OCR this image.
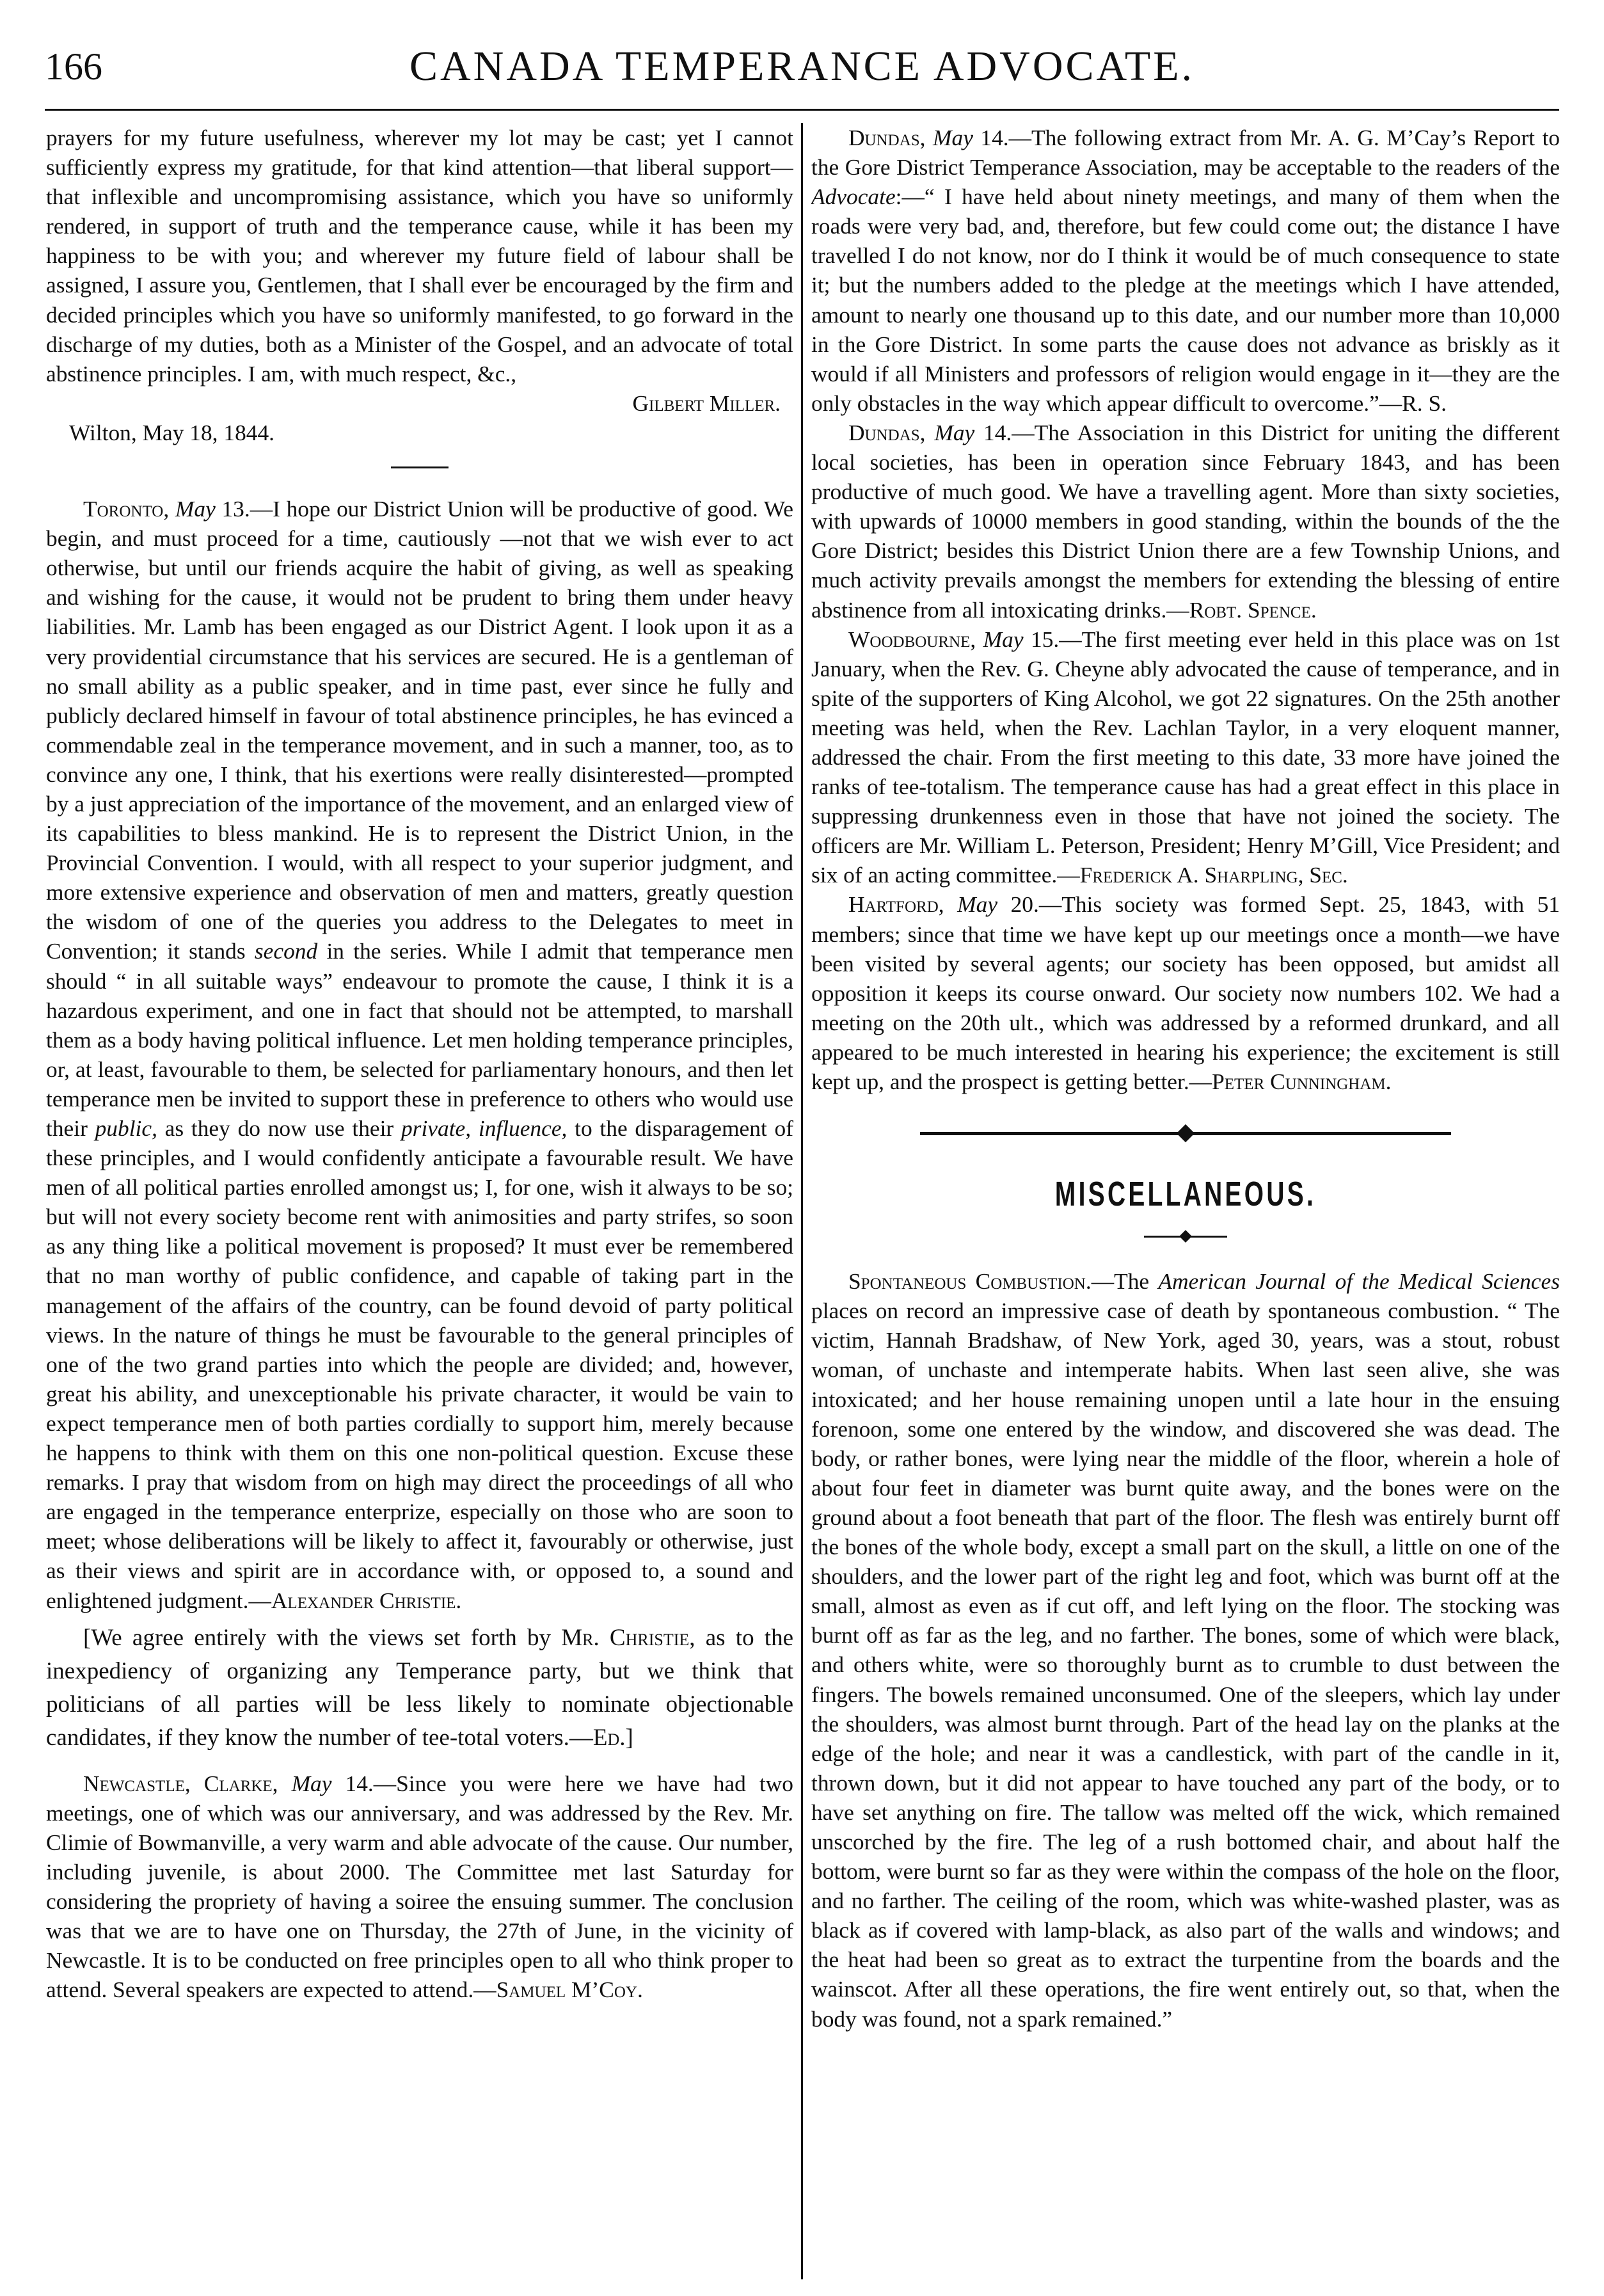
166	CANADA TEMPERANCE ADVOCATE.

prayers for my future usefulness, wherever my lot may be cast; yet I cannot sufficiently express my gratitude, for that kind attention—that liberal support—that inflexible and uncompromising assistance, which you have so uniformly rendered, in support of truth and the temperance cause, while it has been my happiness to be with you; and wherever my future field of labour shall be assigned, I assure you, Gentlemen, that I shall ever be encouraged by the firm and decided principles which you have so uniformly manifested, to go forward in the discharge of my duties, both as a Minister of the Gospel, and an advocate of total abstinence principles. I am, with much respect, &c.,

Gilbert Miller.

Wilton, May 18, 1844.

Toronto, May 13.—I hope our District Union will be productive of good. We begin, and must proceed for a time, cautiously —not that we wish ever to act otherwise, but until our friends acquire the habit of giving, as well as speaking and wishing for the cause, it would not be prudent to bring them under heavy liabilities. Mr. Lamb has been engaged as our District Agent. I look upon it as a very providential circumstance that his services are secured. He is a gentleman of no small ability as a public speaker, and in time past, ever since he fully and publicly declared himself in favour of total abstinence principles, he has evinced a commendable zeal in the temperance movement, and in such a manner, too, as to convince any one, I think, that his exertions were really disinterested—prompted by a just appreciation of the importance of the movement, and an enlarged view of its capabilities to bless mankind. He is to represent the District Union, in the Provincial Convention. I would, with all respect to your superior judgment, and more extensive experience and observation of men and matters, greatly question the wisdom of one of the queries you address to the Delegates to meet in Convention; it stands second in the series. While I admit that temperance men should “ in all suitable ways” endeavour to promote the cause, I think it is a hazardous experiment, and one in fact that should not be attempted, to marshall them as a body having political influence. Let men holding temperance principles, or, at least, favourable to them, be selected for parliamentary honours, and then let temperance men be invited to support these in preference to others who would use their public, as they do now use their private, influence, to the disparagement of these principles, and I would confidently anticipate a favourable result. We have men of all political parties enrolled amongst us; I, for one, wish it always to be so; but will not every society become rent with animosities and party strifes, so soon as any thing like a political movement is proposed? It must ever be remembered that no man worthy of public confidence, and capable of taking part in the management of the affairs of the country, can be found devoid of party political views. In the nature of things he must be favourable to the general principles of one of the two grand parties into which the people are divided; and, however, great his ability, and unexceptionable his private character, it would be vain to expect temperance men of both parties cordially to support him, merely because he happens to think with them on this one non-political question. Excuse these remarks. I pray that wisdom from on high may direct the proceedings of all who are engaged in the temperance enterprize, especially on those who are soon to meet; whose deliberations will be likely to affect it, favourably or otherwise, just as their views and spirit are in accordance with, or opposed to, a sound and enlightened judgment.—Alexander Christie.

[We agree entirely with the views set forth by Mr. Christie, as to the inexpediency of organizing any Temperance party, but we think that politicians of all parties will be less likely to nominate objectionable candidates, if they know the number of tee-total voters.—Ed.]

Newcastle, Clarke, May 14.—Since you were here we have had two meetings, one of which was our anniversary, and was addressed by the Rev. Mr. Climie of Bowmanville, a very warm and able advocate of the cause. Our number, including juvenile, is about 2000. The Committee met last Saturday for considering the propriety of having a soiree the ensuing summer. The conclusion was that we are to have one on Thursday, the 27th of June, in the vicinity of Newcastle. It is to be conducted on free principles open to all who think proper to attend. Several speakers are expected to attend.—Samuel M’Coy.

Dundas, May 14.—The following extract from Mr. A. G. M’Cay’s Report to the Gore District Temperance Association, may be acceptable to the readers of the Advocate:—“ I have held about ninety meetings, and many of them when the roads were very bad, and, therefore, but few could come out; the distance I have travelled I do not know, nor do I think it would be of much consequence to state it; but the numbers added to the pledge at the meetings which I have attended, amount to nearly one thousand up to this date, and our number more than 10,000 in the Gore District. In some parts the cause does not advance as briskly as it would if all Ministers and professors of religion would engage in it—they are the only obstacles in the way which appear difficult to overcome.”—R. S.

Dundas, May 14.—The Association in this District for uniting the different local societies, has been in operation since February 1843, and has been productive of much good. We have a travelling agent. More than sixty societies, with upwards of 10000 members in good standing, within the bounds of the the Gore District; besides this District Union there are a few Township Unions, and much activity prevails amongst the members for extending the blessing of entire abstinence from all intoxicating drinks.—Robt. Spence.

Woodbourne, May 15.—The first meeting ever held in this place was on 1st January, when the Rev. G. Cheyne ably advocated the cause of temperance, and in spite of the supporters of King Alcohol, we got 22 signatures. On the 25th another meeting was held, when the Rev. Lachlan Taylor, in a very eloquent manner, addressed the chair. From the first meeting to this date, 33 more have joined the ranks of tee-totalism. The temperance cause has had a great effect in this place in suppressing drunkenness even in those that have not joined the society. The officers are Mr. William L. Peterson, President; Henry M’Gill, Vice President; and six of an acting committee.—Frederick A. Sharpling, Sec.

Hartford, May 20.—This society was formed Sept. 25, 1843, with 51 members; since that time we have kept up our meetings once a month—we have been visited by several agents; our society has been opposed, but amidst all opposition it keeps its course onward. Our society now numbers 102. We had a meeting on the 20th ult., which was addressed by a reformed drunkard, and all appeared to be much interested in hearing his experience; the excitement is still kept up, and the prospect is getting better.—Peter Cunningham.

MISCELLANEOUS.

Spontaneous Combustion.—The American Journal of the Medical Sciences places on record an impressive case of death by spontaneous combustion. “ The victim, Hannah Bradshaw, of New York, aged 30, years, was a stout, robust woman, of unchaste and intemperate habits. When last seen alive, she was intoxicated; and her house remaining unopen until a late hour in the ensuing forenoon, some one entered by the window, and discovered she was dead. The body, or rather bones, were lying near the middle of the floor, wherein a hole of about four feet in diameter was burnt quite away, and the bones were on the ground about a foot beneath that part of the floor. The flesh was entirely burnt off the bones of the whole body, except a small part on the skull, a little on one of the shoulders, and the lower part of the right leg and foot, which was burnt off at the small, almost as even as if cut off, and left lying on the floor. The stocking was burnt off as far as the leg, and no farther. The bones, some of which were black, and others white, were so thoroughly burnt as to crumble to dust between the fingers. The bowels remained unconsumed. One of the sleepers, which lay under the shoulders, was almost burnt through. Part of the head lay on the planks at the edge of the hole; and near it was a candlestick, with part of the candle in it, thrown down, but it did not appear to have touched any part of the body, or to have set anything on fire. The tallow was melted off the wick, which remained unscorched by the fire. The leg of a rush bottomed chair, and about half the bottom, were burnt so far as they were within the compass of the hole on the floor, and no farther. The ceiling of the room, which was white-washed plaster, was as black as if covered with lamp-black, as also part of the walls and windows; and the heat had been so great as to extract the turpentine from the boards and the wainscot. After all these operations, the fire went entirely out, so that, when the body was found, not a spark remained.”
